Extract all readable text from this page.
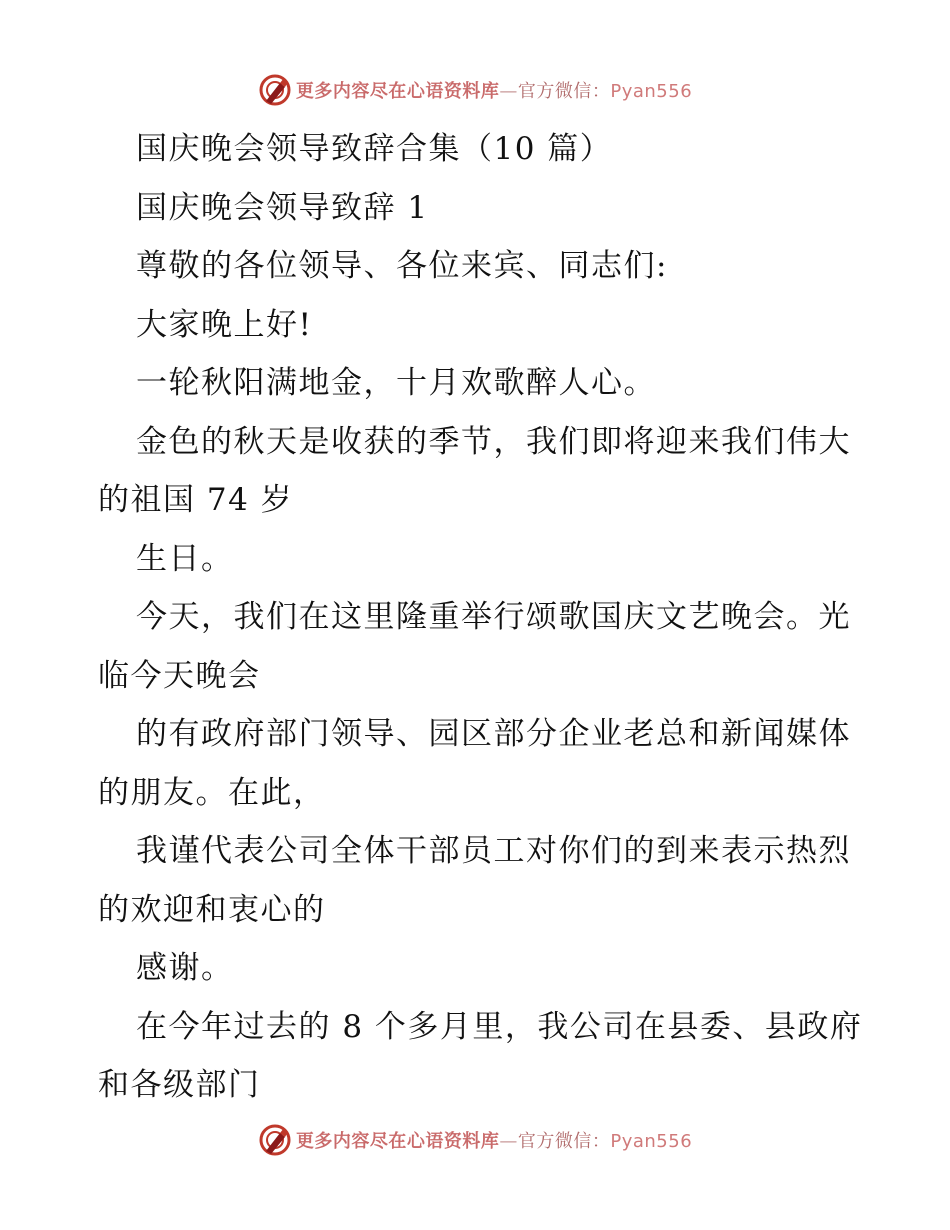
更多内容尽在心语资料库—官方微信：Pyan556

国庆晚会领导致辞合集（10 篇）

国庆晚会领导致辞 1

尊敬的各位领导、各位来宾、同志们:

大家晚上好!

一轮秋阳满地金，十月欢歌醉人心。

金色的秋天是收获的季节，我们即将迎来我们伟大的祖国 74 岁

生日。

今天，我们在这里隆重举行颂歌国庆文艺晚会。光临今天晚会

的有政府部门领导、园区部分企业老总和新闻媒体的朋友。在此，

我谨代表公司全体干部员工对你们的到来表示热烈的欢迎和衷心的

感谢。

在今年过去的 8 个多月里，我公司在县委、县政府和各级部门

更多内容尽在心语资料库—官方微信：Pyan556
